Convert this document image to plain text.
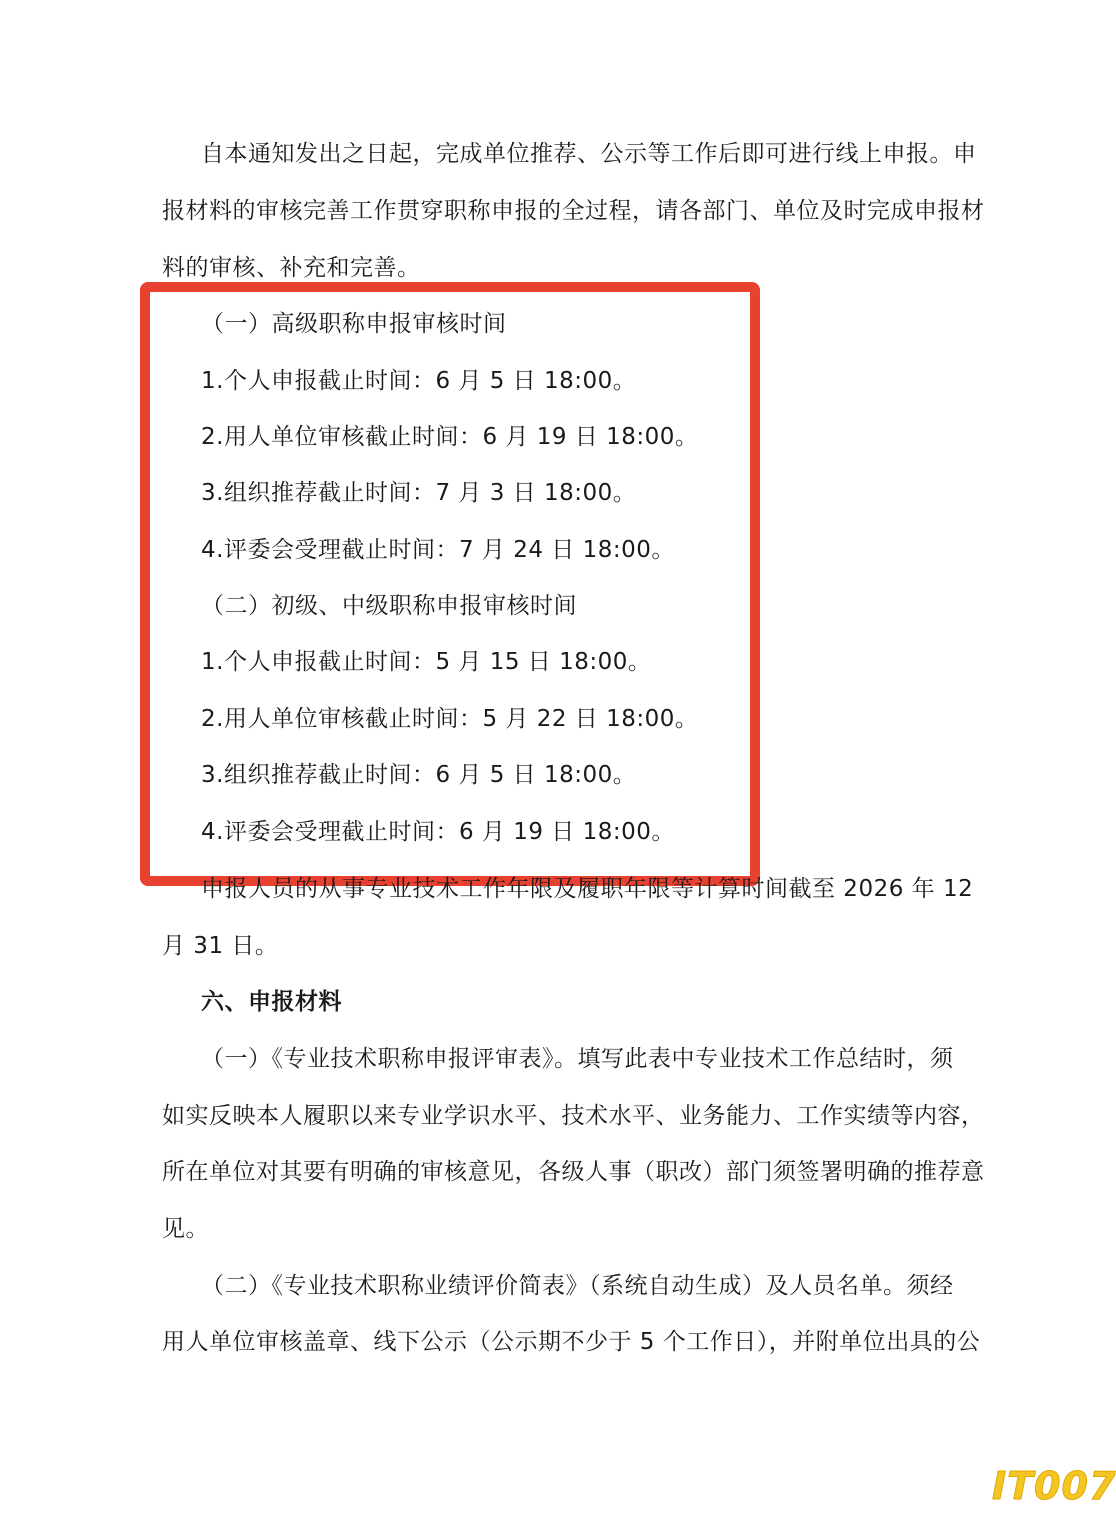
自本通知发出之日起，完成单位推荐、公示等工作后即可进行线上申报。申
报材料的审核完善工作贯穿职称申报的全过程，请各部门、单位及时完成申报材
料的审核、补充和完善。
（一）高级职称申报审核时间
1.个人申报截止时间：6 月 5 日 18:00。
2.用人单位审核截止时间：6 月 19 日 18:00。
3.组织推荐截止时间：7 月 3 日 18:00。
4.评委会受理截止时间：7 月 24 日 18:00。
（二）初级、中级职称申报审核时间
1.个人申报截止时间：5 月 15 日 18:00。
2.用人单位审核截止时间：5 月 22 日 18:00。
3.组织推荐截止时间：6 月 5 日 18:00。
4.评委会受理截止时间：6 月 19 日 18:00。
申报人员的从事专业技术工作年限及履职年限等计算时间截至 2026 年 12
月 31 日。
六、申报材料
（一）《专业技术职称申报评审表》。填写此表中专业技术工作总结时，须
如实反映本人履职以来专业学识水平、技术水平、业务能力、工作实绩等内容，
所在单位对其要有明确的审核意见，各级人事（职改）部门须签署明确的推荐意
见。
（二）《专业技术职称业绩评价简表》（系统自动生成）及人员名单。须经
用人单位审核盖章、线下公示（公示期不少于 5 个工作日），并附单位出具的公
IT007
